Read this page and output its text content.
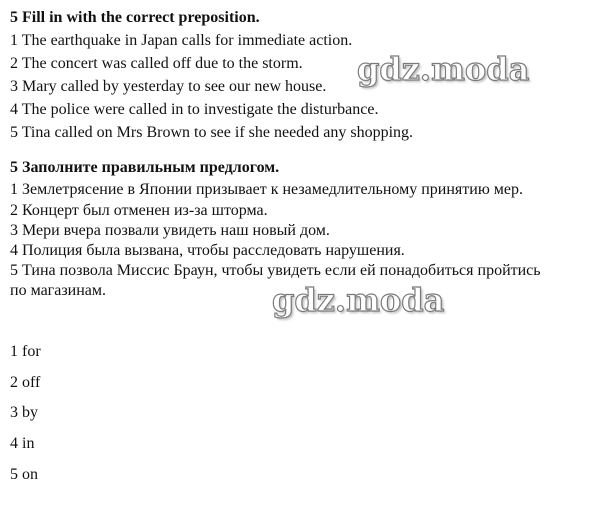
5 Fill in with the correct preposition.
1 The earthquake in Japan calls for immediate action.
2 The concert was called off due to the storm.
3 Mary called by yesterday to see our new house.
4 The police were called in to investigate the disturbance.
5 Tina called on Mrs Brown to see if she needed any shopping.
5 Заполните правильным предлогом.
1 Землетрясение в Японии призывает к незамедлительному принятию мер.
2 Концерт был отменен из-за шторма.
3 Мери вчера позвали увидеть наш новый дом.
4 Полиция была вызвана, чтобы расследовать нарушения.
5 Тина позвола Миссис Браун, чтобы увидеть если ей понадобиться пройтись
по магазинам.
1 for
2 off
3 by
4 in
5 on
gdz.moda
gdz.moda
